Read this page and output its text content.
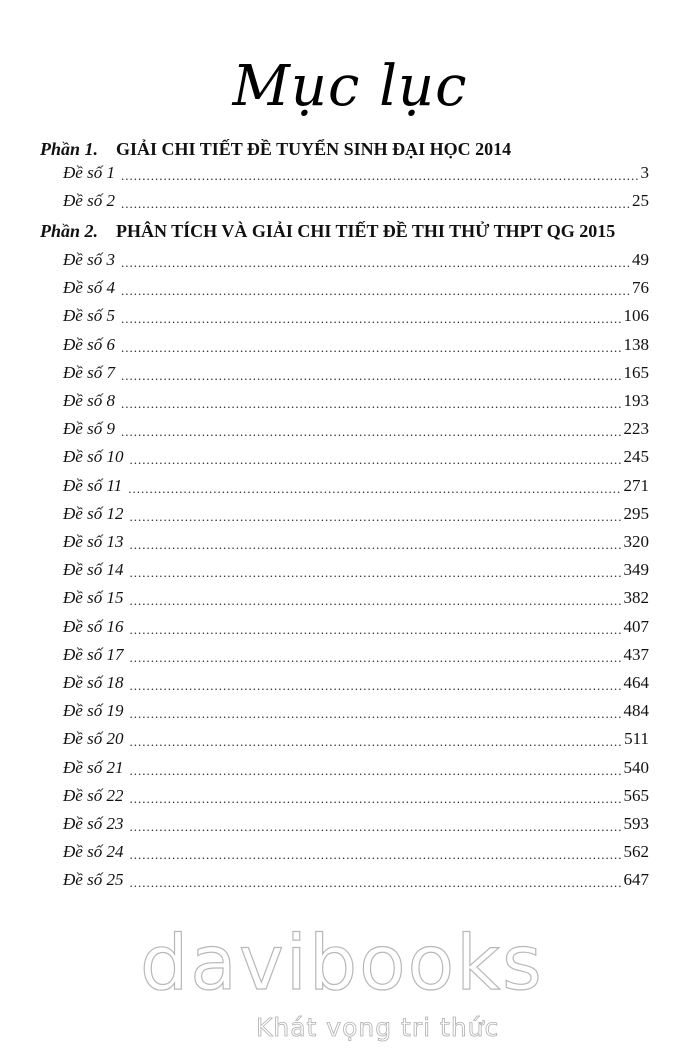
Mục lục
Phần 1. GIẢI CHI TIẾT ĐỀ TUYỂN SINH ĐẠI HỌC 2014
Đề số 1 .....	3
Đề số 2 .....	25
Phần 2. PHÂN TÍCH VÀ GIẢI CHI TIẾT ĐỀ THI THỬ THPT QG 2015
Đề số 3 .....	49
Đề số 4 .....	76
Đề số 5 .....	106
Đề số 6 .....	138
Đề số 7 .....	165
Đề số 8 .....	193
Đề số 9 .....	223
Đề số 10 .....	245
Đề số 11 .....	271
Đề số 12 .....	295
Đề số 13 .....	320
Đề số 14 .....	349
Đề số 15 .....	382
Đề số 16 .....	407
Đề số 17 .....	437
Đề số 18 .....	464
Đề số 19 .....	484
Đề số 20 .....	511
Đề số 21 .....	540
Đề số 22 .....	565
Đề số 23 .....	593
Đề số 24 .....	562
Đề số 25 .....	647
davibooks
Khát vọng tri thức
